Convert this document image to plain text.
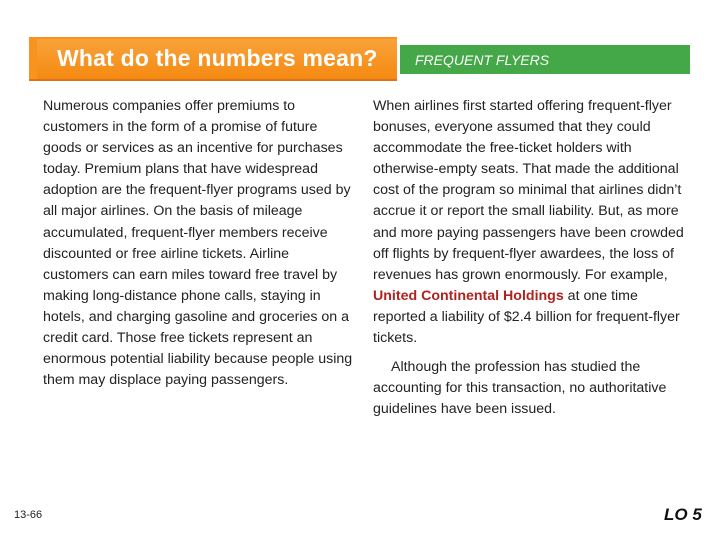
What do the numbers mean?	FREQUENT FLYERS

Numerous companies offer premiums to customers in the form of a promise of future goods or services as an incentive for purchases today. Premium plans that have widespread adoption are the frequent-flyer programs used by all major airlines. On the basis of mileage accumulated, frequent-flyer members receive discounted or free airline tickets. Airline customers can earn miles toward free travel by making long-distance phone calls, staying in hotels, and charging gasoline and groceries on a credit card. Those free tickets represent an enormous potential liability because people using them may displace paying passengers.

When airlines first started offering frequent-flyer bonuses, everyone assumed that they could accommodate the free-ticket holders with otherwise-empty seats. That made the additional cost of the program so minimal that airlines didn’t accrue it or report the small liability. But, as more and more paying passengers have been crowded off flights by frequent-flyer awardees, the loss of revenues has grown enormously. For example, United Continental Holdings at one time reported a liability of $2.4 billion for frequent-flyer tickets.

Although the profession has studied the accounting for this transaction, no authoritative guidelines have been issued.

13-66	LO 5
